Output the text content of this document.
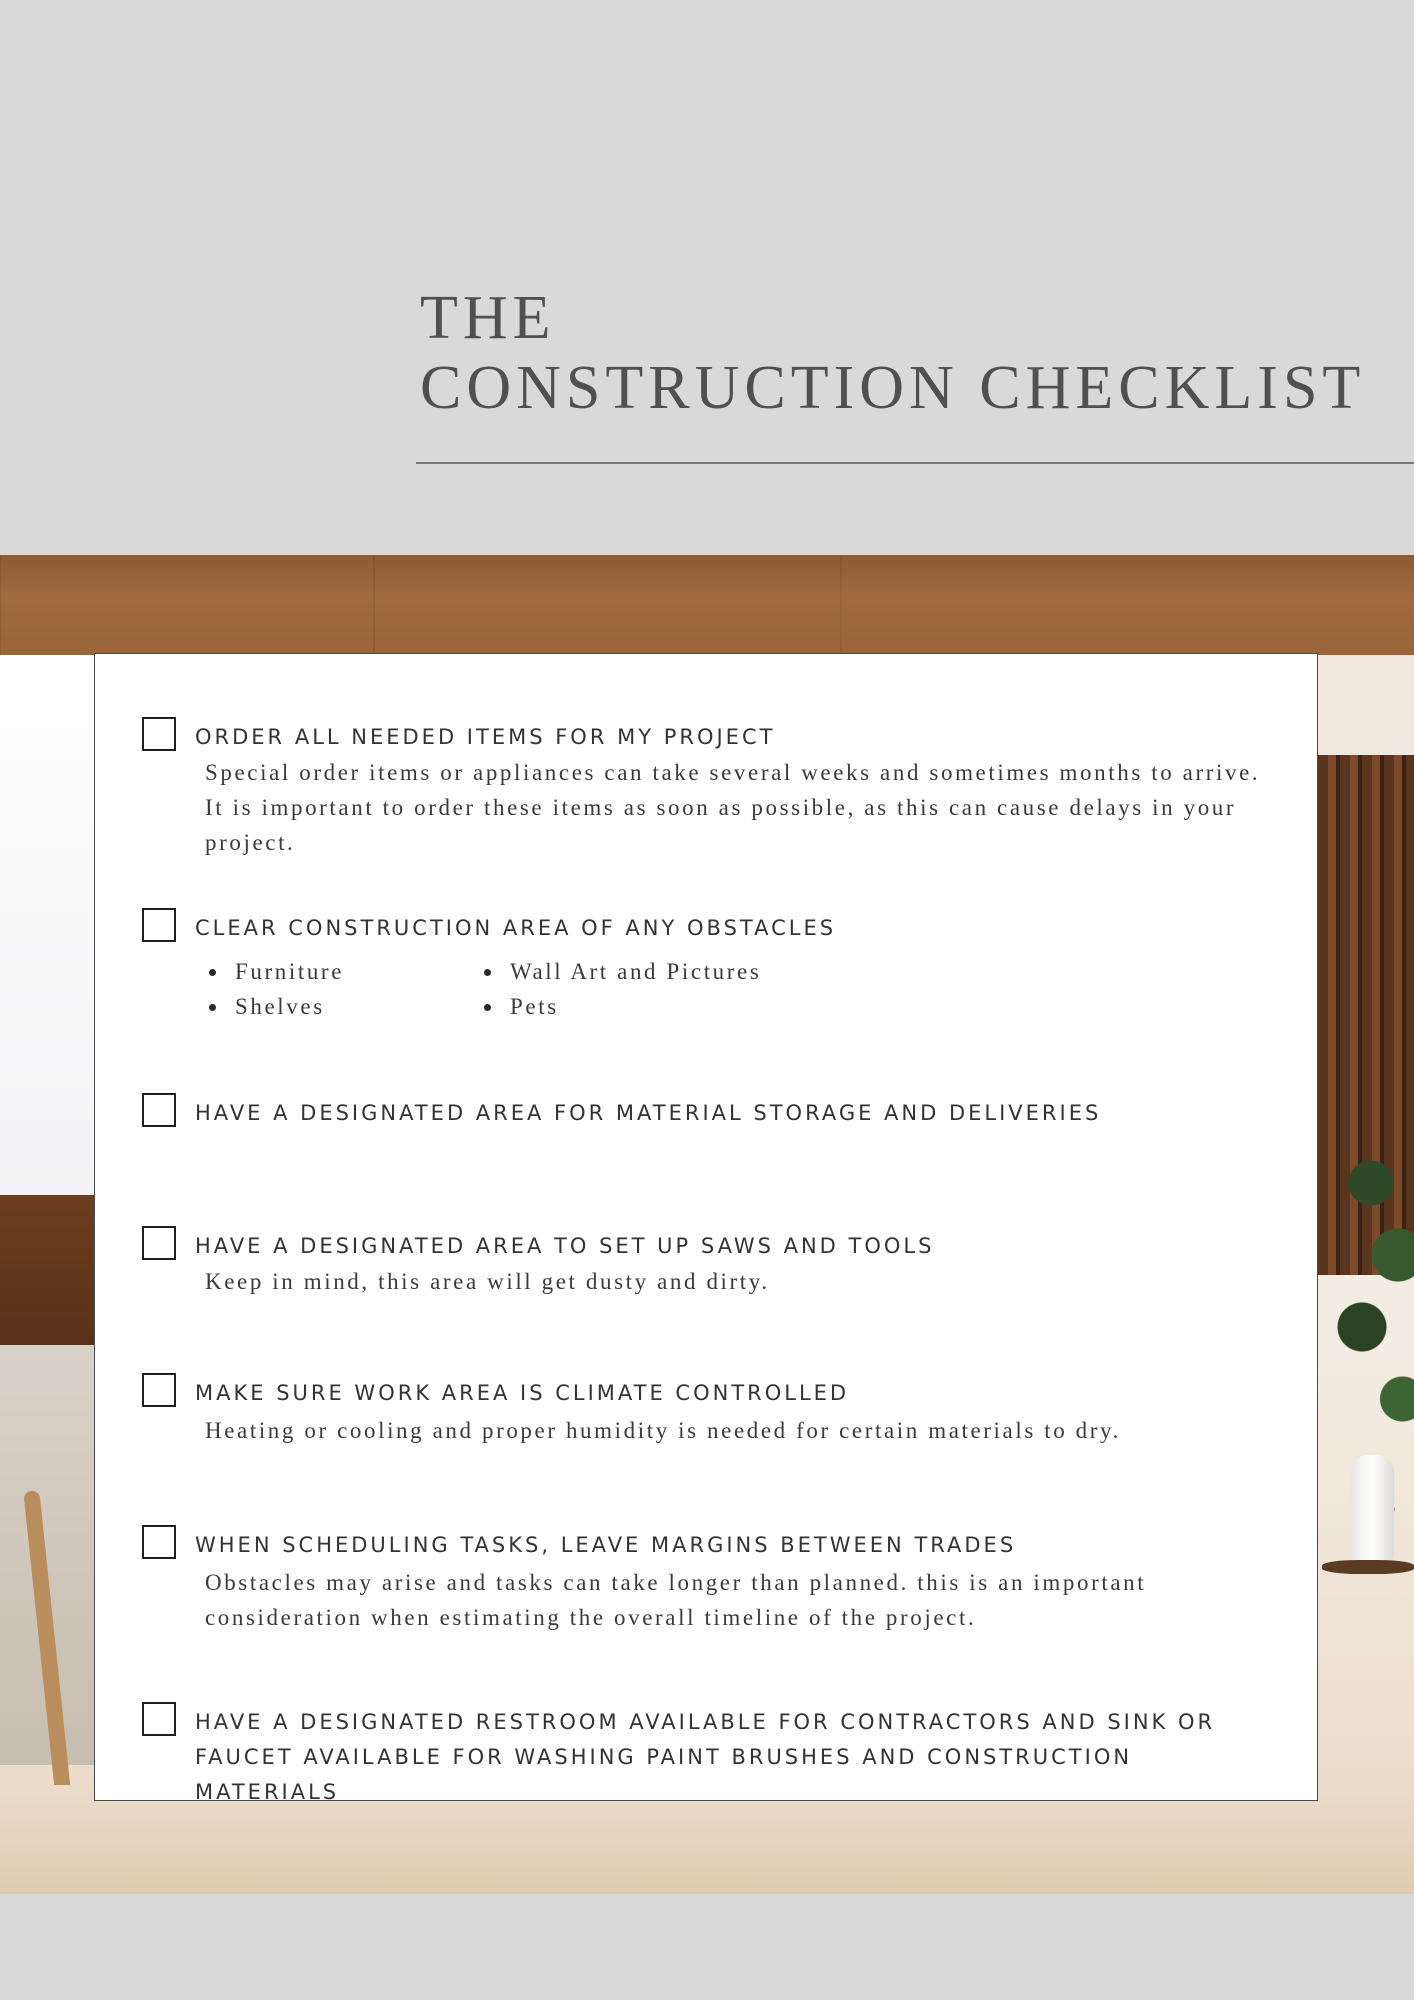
THE
CONSTRUCTION CHECKLIST

ORDER ALL NEEDED ITEMS FOR MY PROJECT

Special order items or appliances can take several weeks and sometimes months to arrive. It is important to order these items as soon as possible, as this can cause delays in your project.

CLEAR CONSTRUCTION AREA OF ANY OBSTACLES

Furniture
Shelves
Wall Art and Pictures
Pets

HAVE A DESIGNATED AREA FOR MATERIAL STORAGE AND DELIVERIES

HAVE A DESIGNATED AREA TO SET UP SAWS AND TOOLS

Keep in mind, this area will get dusty and dirty.

MAKE SURE WORK AREA IS CLIMATE CONTROLLED

Heating or cooling and proper humidity is needed for certain materials to dry.

WHEN SCHEDULING TASKS, LEAVE MARGINS BETWEEN TRADES

Obstacles may arise and tasks can take longer than planned. this is an important consideration when estimating the overall timeline of the project.

HAVE A DESIGNATED RESTROOM AVAILABLE FOR CONTRACTORS AND SINK OR FAUCET AVAILABLE FOR WASHING PAINT BRUSHES AND CONSTRUCTION MATERIALS
